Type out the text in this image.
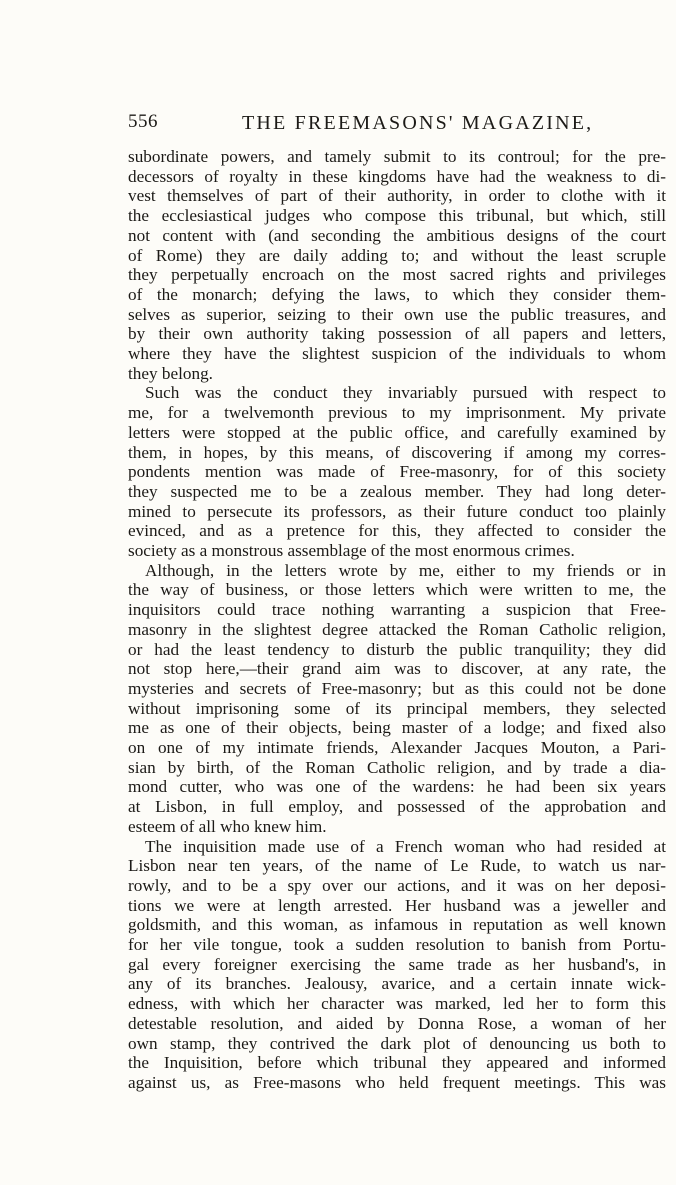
556	THE FREEMASONS' MAGAZINE,
subordinate powers, and tamely submit to its controul; for the pre-
decessors of royalty in these kingdoms have had the weakness to di-
vest themselves of part of their authority, in order to clothe with it
the ecclesiastical judges who compose this tribunal, but which, still
not content with (and seconding the ambitious designs of the court
of Rome) they are daily adding to; and without the least scruple
they perpetually encroach on the most sacred rights and privileges
of the monarch; defying the laws, to which they consider them-
selves as superior, seizing to their own use the public treasures, and
by their own authority taking possession of all papers and letters,
where they have the slightest suspicion of the individuals to whom
they belong.
Such was the conduct they invariably pursued with respect to
me, for a twelvemonth previous to my imprisonment. My private
letters were stopped at the public office, and carefully examined by
them, in hopes, by this means, of discovering if among my corres-
pondents mention was made of Free-masonry, for of this society
they suspected me to be a zealous member. They had long deter-
mined to persecute its professors, as their future conduct too plainly
evinced, and as a pretence for this, they affected to consider the
society as a monstrous assemblage of the most enormous crimes.
Although, in the letters wrote by me, either to my friends or in
the way of business, or those letters which were written to me, the
inquisitors could trace nothing warranting a suspicion that Free-
masonry in the slightest degree attacked the Roman Catholic religion,
or had the least tendency to disturb the public tranquility; they did
not stop here,—their grand aim was to discover, at any rate, the
mysteries and secrets of Free-masonry; but as this could not be done
without imprisoning some of its principal members, they selected
me as one of their objects, being master of a lodge; and fixed also
on one of my intimate friends, Alexander Jacques Mouton, a Pari-
sian by birth, of the Roman Catholic religion, and by trade a dia-
mond cutter, who was one of the wardens: he had been six years
at Lisbon, in full employ, and possessed of the approbation and
esteem of all who knew him.
The inquisition made use of a French woman who had resided at
Lisbon near ten years, of the name of Le Rude, to watch us nar-
rowly, and to be a spy over our actions, and it was on her deposi-
tions we were at length arrested. Her husband was a jeweller and
goldsmith, and this woman, as infamous in reputation as well known
for her vile tongue, took a sudden resolution to banish from Portu-
gal every foreigner exercising the same trade as her husband's, in
any of its branches. Jealousy, avarice, and a certain innate wick-
edness, with which her character was marked, led her to form this
detestable resolution, and aided by Donna Rose, a woman of her
own stamp, they contrived the dark plot of denouncing us both to
the Inquisition, before which tribunal they appeared and informed
against us, as Free-masons who held frequent meetings. This was
